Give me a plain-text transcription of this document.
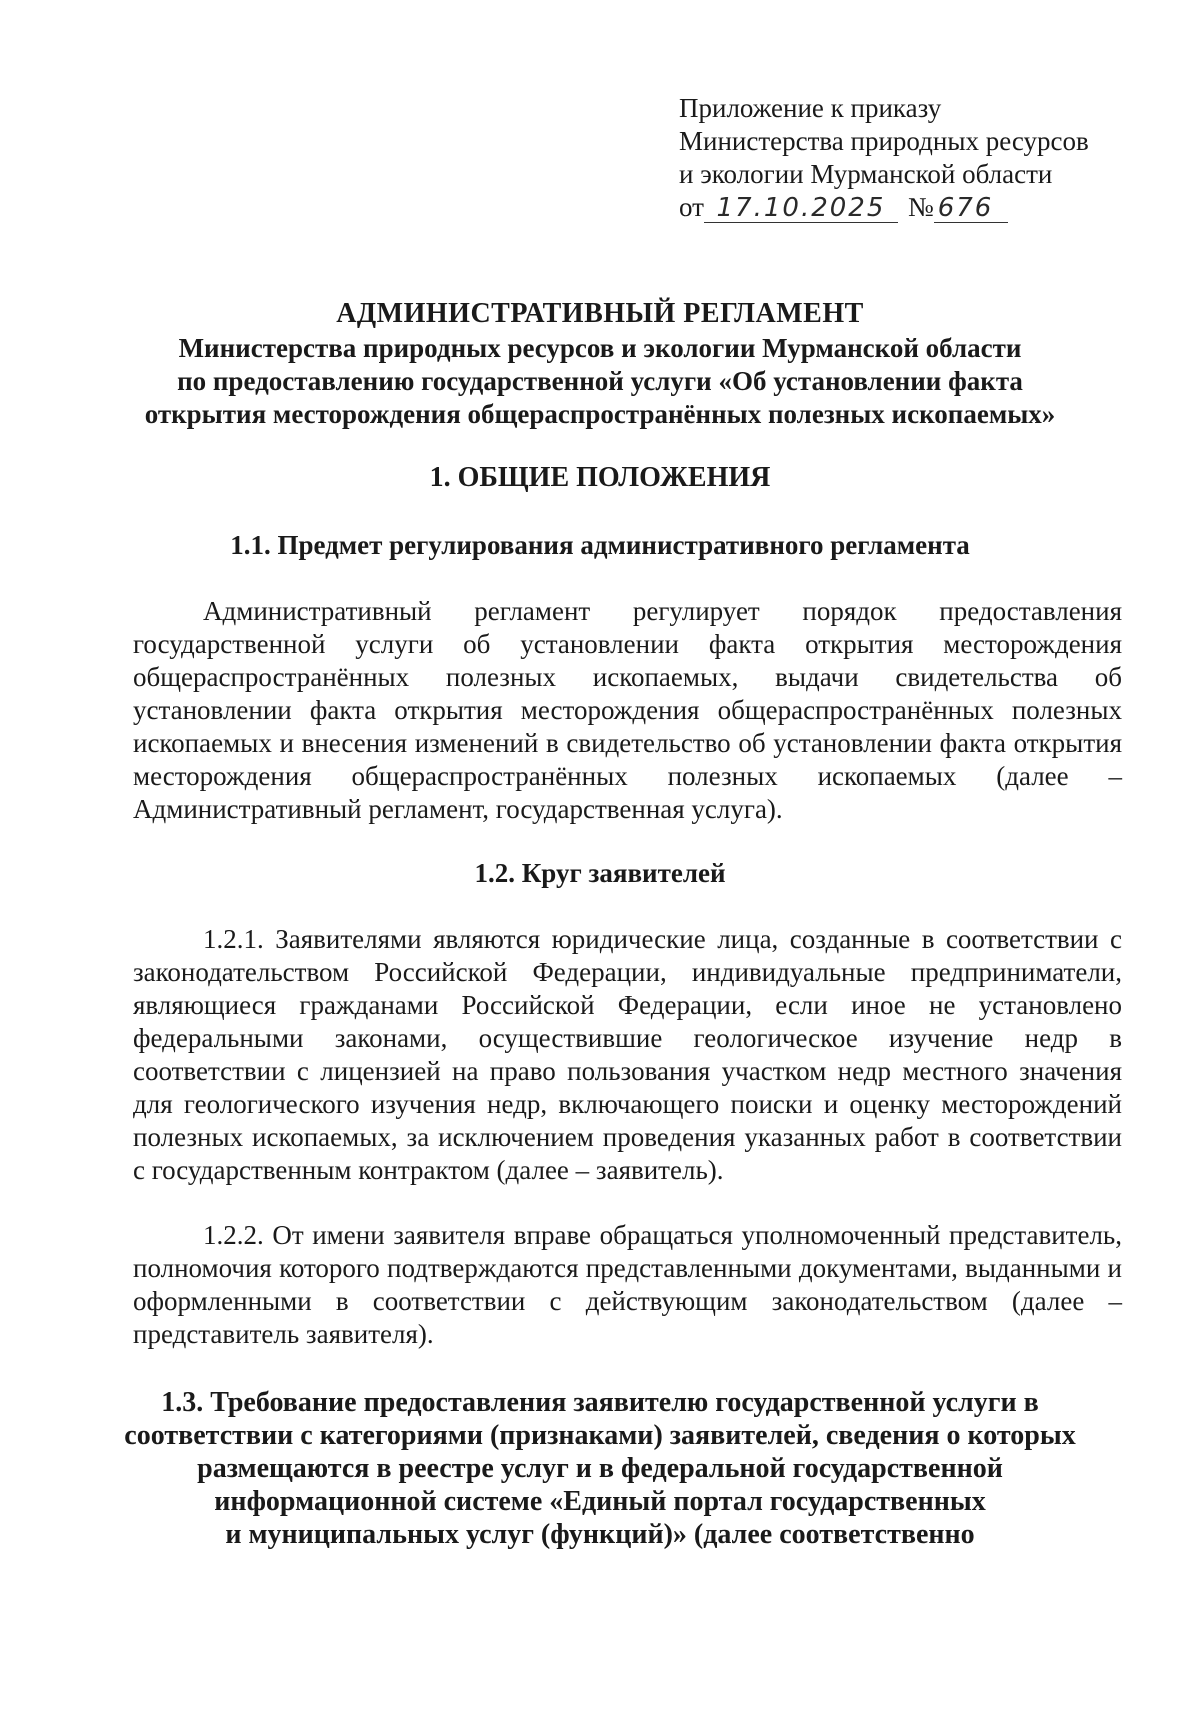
Приложение к приказу
Министерства природных ресурсов
и экологии Мурманской области
от 17.10.2025 № 676

АДМИНИСТРАТИВНЫЙ РЕГЛАМЕНТ

Министерства природных ресурсов и экологии Мурманской области

по предоставлению государственной услуги «Об установлении факта

открытия месторождения общераспространённых полезных ископаемых»

1. ОБЩИЕ ПОЛОЖЕНИЯ
1.1. Предмет регулирования административного регламента

Административный регламент регулирует порядок предоставления государственной услуги об установлении факта открытия месторождения общераспространённых полезных ископаемых, выдачи свидетельства об установлении факта открытия месторождения общераспространённых полезных ископаемых и внесения изменений в свидетельство об установлении факта открытия месторождения общераспространённых полезных ископаемых (далее – Административный регламент, государственная услуга).

1.2. Круг заявителей

1.2.1. Заявителями являются юридические лица, созданные в соответствии с законодательством Российской Федерации, индивидуальные предприниматели, являющиеся гражданами Российской Федерации, если иное не установлено федеральными законами, осуществившие геологическое изучение недр в соответствии с лицензией на право пользования участком недр местного значения для геологического изучения недр, включающего поиски и оценку месторождений полезных ископаемых, за исключением проведения указанных работ в соответствии с государственным контрактом (далее – заявитель).

1.2.2. От имени заявителя вправе обращаться уполномоченный представитель, полномочия которого подтверждаются представленными документами, выданными и оформленными в соответствии с действующим законодательством (далее – представитель заявителя).

1.3. Требование предоставления заявителю государственной услуги в
соответствии с категориями (признаками) заявителей, сведения о которых
размещаются в реестре услуг и в федеральной государственной
информационной системе «Единый портал государственных
и муниципальных услуг (функций)» (далее соответственно
